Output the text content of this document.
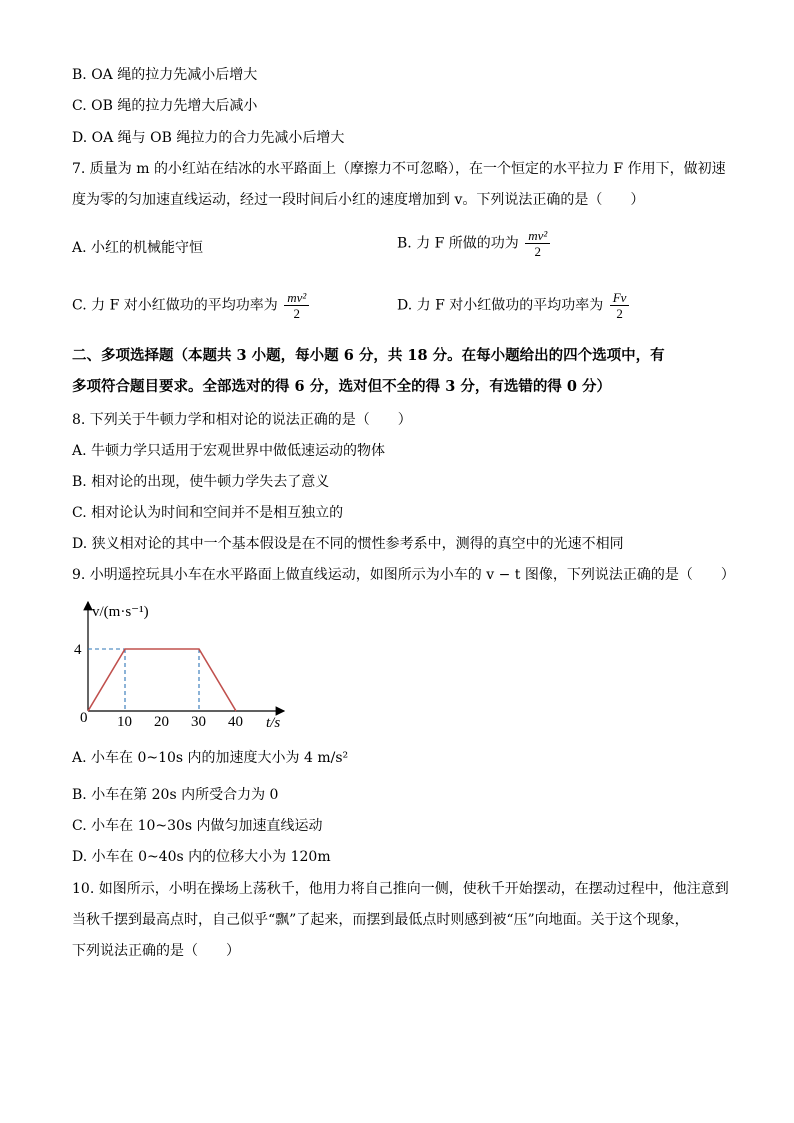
B. OA 绳的拉力先减小后增大
C. OB 绳的拉力先增大后减小
D. OA 绳与 OB 绳拉力的合力先减小后增大
7. 质量为 m 的小红站在结冰的水平路面上（摩擦力不可忽略），在一个恒定的水平拉力 F 作用下，做初速
度为零的匀加速直线运动，经过一段时间后小红的速度增加到 v。下列说法正确的是（　　）
A. 小红的机械能守恒	B. 力 F 所做的功为 $\frac{\text{mv²}}{2}$
C. 力 F 对小红做功的平均功率为 $\frac{\text{mv²}}{2}$	D. 力 F 对小红做功的平均功率为 $\frac{Fv}{2}$
二、多项选择题（本题共 3 小题，每小题 6 分，共 18 分。在每小题给出的四个选项中，有
多项符合题目要求。全部选对的得 6 分，选对但不全的得 3 分，有选错的得 0 分）
8. 下列关于牛顿力学和相对论的说法正确的是（　　）
A. 牛顿力学只适用于宏观世界中做低速运动的物体
B. 相对论的出现，使牛顿力学失去了意义
C. 相对论认为时间和空间并不是相互独立的
D. 狭义相对论的其中一个基本假设是在不同的惯性参考系中，测得的真空中的光速不相同
9. 小明遥控玩具小车在水平路面上做直线运动，如图所示为小车的 v − t 图像，下列说法正确的是（　　）
10 20 30 40
4
v/(m·s⁻¹)
t/s
0
A. 小车在 0~10s 内的加速度大小为 4 m/s²
B. 小车在第 20s 内所受合力为 0
C. 小车在 10~30s 内做匀加速直线运动
D. 小车在 0~40s 内的位移大小为 120m
10. 如图所示，小明在操场上荡秋千，他用力将自己推向一侧，使秋千开始摆动，在摆动过程中，他注意到
当秋千摆到最高点时，自己似乎“飘”了起来，而摆到最低点时则感到被“压”向地面。关于这个现象，
下列说法正确的是（　　）
